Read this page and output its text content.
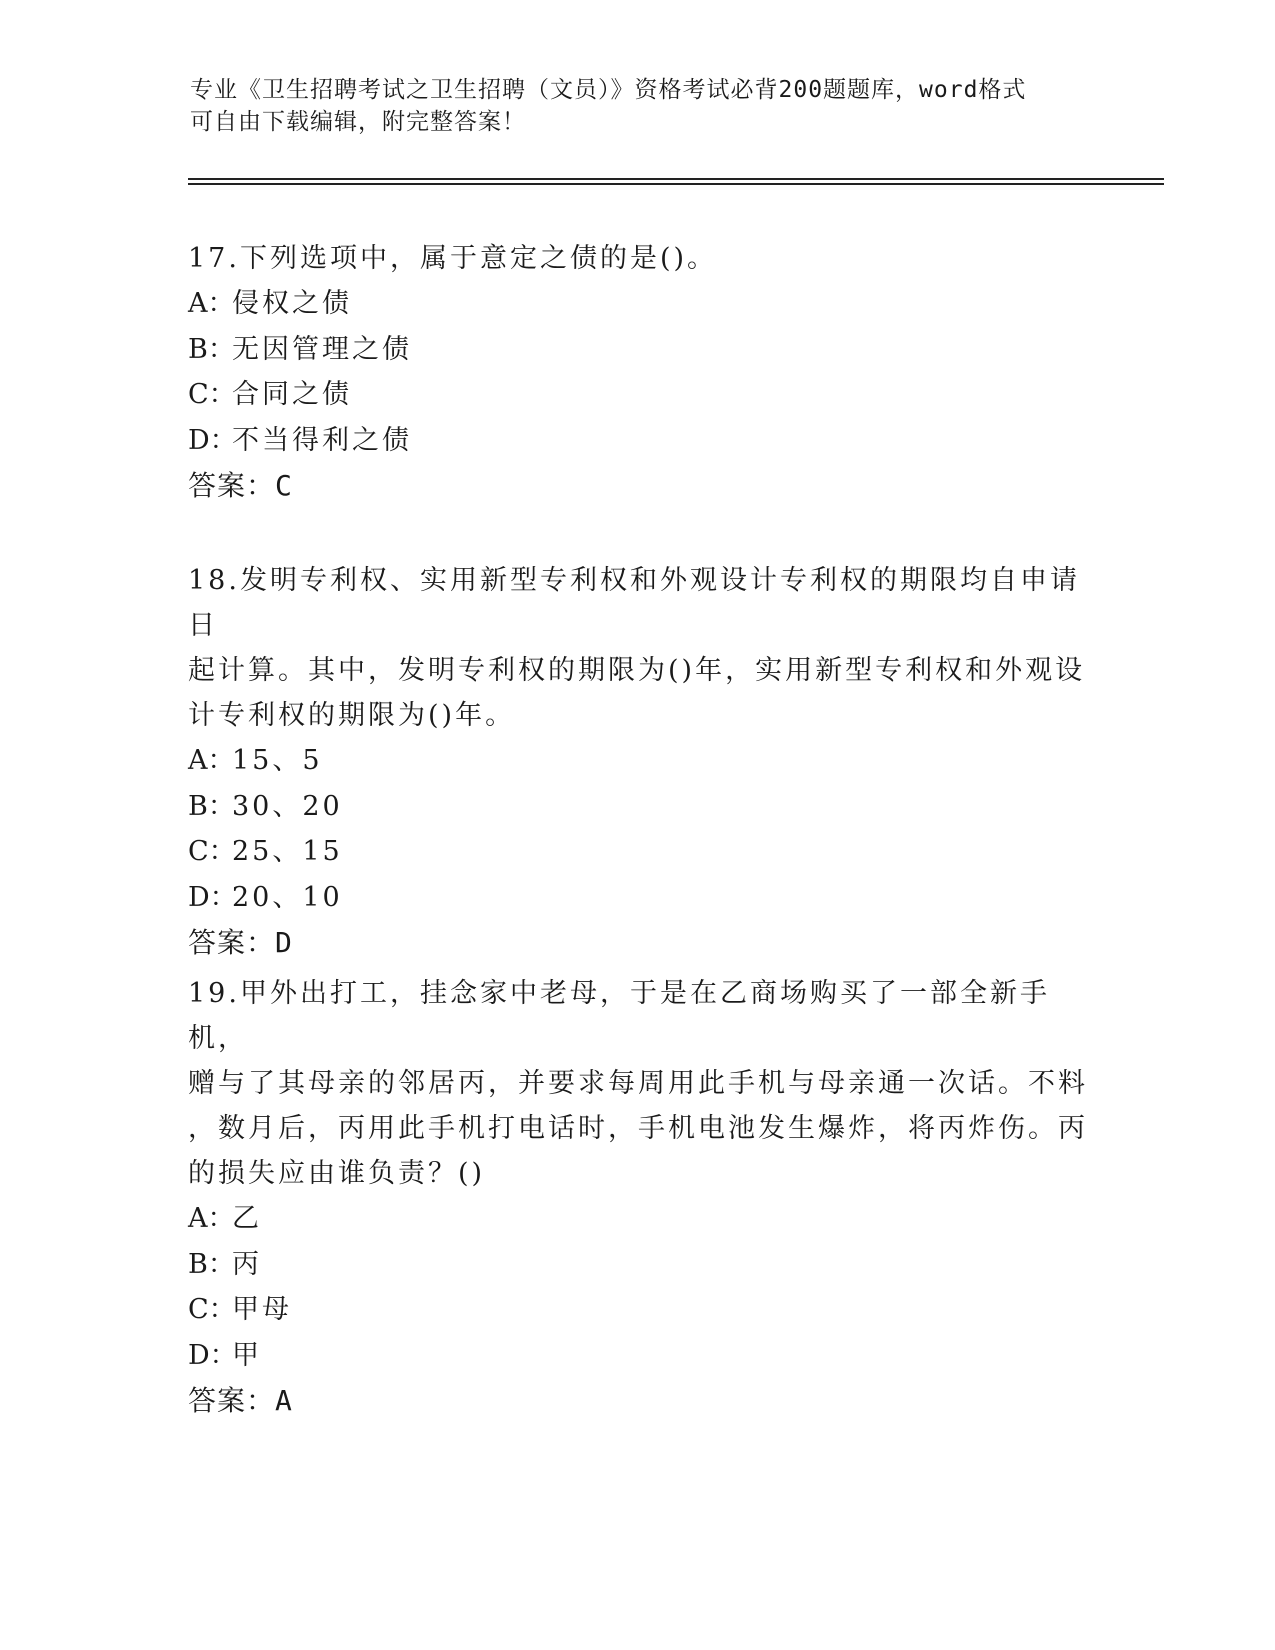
专业《卫生招聘考试之卫生招聘（文员）》资格考试必背200题题库，word格式
可自由下载编辑，附完整答案！
17.下列选项中，属于意定之债的是()。
A：侵权之债
B：无因管理之债
C：合同之债
D：不当得利之债
答案：C
18.发明专利权、实用新型专利权和外观设计专利权的期限均自申请日
起计算。其中，发明专利权的期限为()年，实用新型专利权和外观设
计专利权的期限为()年。
A：15、5
B：30、20
C：25、15
D：20、10
答案：D
19.甲外出打工，挂念家中老母，于是在乙商场购买了一部全新手机，
赠与了其母亲的邻居丙，并要求每周用此手机与母亲通一次话。不料
，数月后，丙用此手机打电话时，手机电池发生爆炸，将丙炸伤。丙
的损失应由谁负责？()
A：乙
B：丙
C：甲母
D：甲
答案：A
